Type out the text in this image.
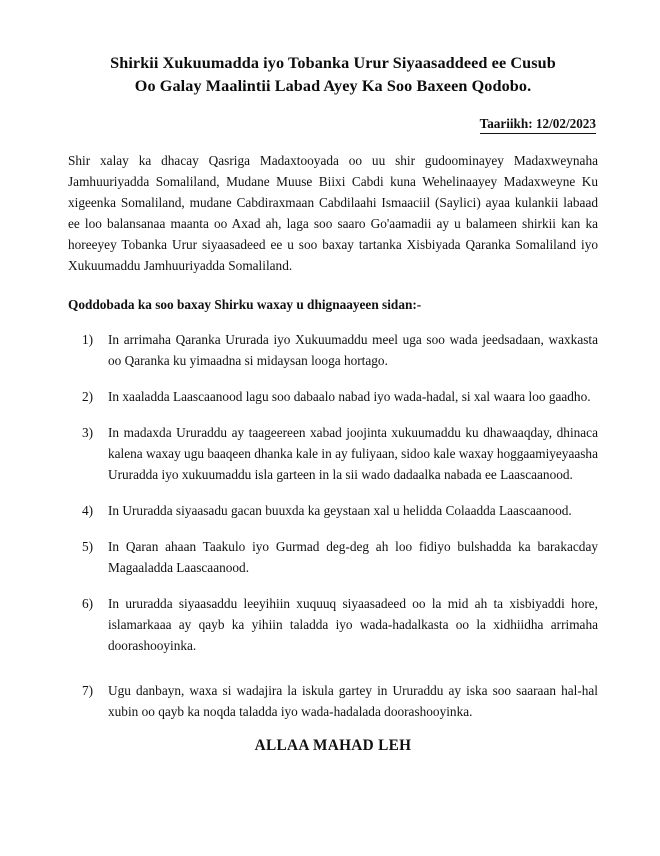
Shirkii Xukuumadda iyo Tobanka Urur Siyaasaddeed ee Cusub
Oo Galay Maalintii Labad Ayey Ka Soo Baxeen Qodobo.
Taariikh: 12/02/2023

Shir xalay ka dhacay Qasriga Madaxtooyada oo uu shir gudoominayey Madaxweynaha Jamhuuriyadda Somaliland, Mudane Muuse Biixi Cabdi kuna Wehelinaayey Madaxweyne Ku xigeenka Somaliland, mudane Cabdiraxmaan Cabdilaahi Ismaaciil (Saylici) ayaa kulankii labaad ee loo balansanaa maanta oo Axad ah, laga soo saaro Go'aamadii ay u balameen shirkii kan ka horeeyey Tobanka Urur siyaasadeed ee u soo baxay tartanka Xisbiyada Qaranka Somaliland iyo Xukuumaddu Jamhuuriyadda Somaliland.

Qoddobada ka soo baxay Shirku waxay u dhignaayeen sidan:-

1)	In arrimaha Qaranka Ururada iyo Xukuumaddu meel uga soo wada jeedsadaan, waxkasta oo Qaranka ku yimaadna si midaysan looga hortago.
2)	In xaaladda Laascaanood lagu soo dabaalo nabad iyo wada-hadal, si xal waara loo gaadho.
3)	In madaxda Ururaddu ay taageereen xabad joojinta xukuumaddu ku dhawaaqday, dhinaca kalena waxay ugu baaqeen dhanka kale in ay fuliyaan, sidoo kale waxay hoggaamiyeyaasha Ururadda iyo xukuumaddu isla garteen in la sii wado dadaalka nabada ee Laascaanood.
4)	In Ururadda siyaasadu gacan buuxda ka geystaan xal u helidda Colaadda Laascaanood.
5)	In Qaran ahaan Taakulo iyo Gurmad deg-deg ah loo fidiyo bulshadda ka barakacday Magaaladda Laascaanood.
6)	In ururadda siyaasaddu leeyihiin xuquuq siyaasadeed oo la mid ah ta xisbiyaddi hore, islamarkaaa ay qayb ka yihiin taladda iyo wada-hadalkasta oo la xidhiidha arrimaha doorashooyinka.
7)	Ugu danbayn, waxa si wadajira la iskula gartey in Ururaddu ay iska soo saaraan hal-hal xubin oo qayb ka noqda taladda iyo wada-hadalada doorashooyinka.
ALLAA MAHAD LEH
